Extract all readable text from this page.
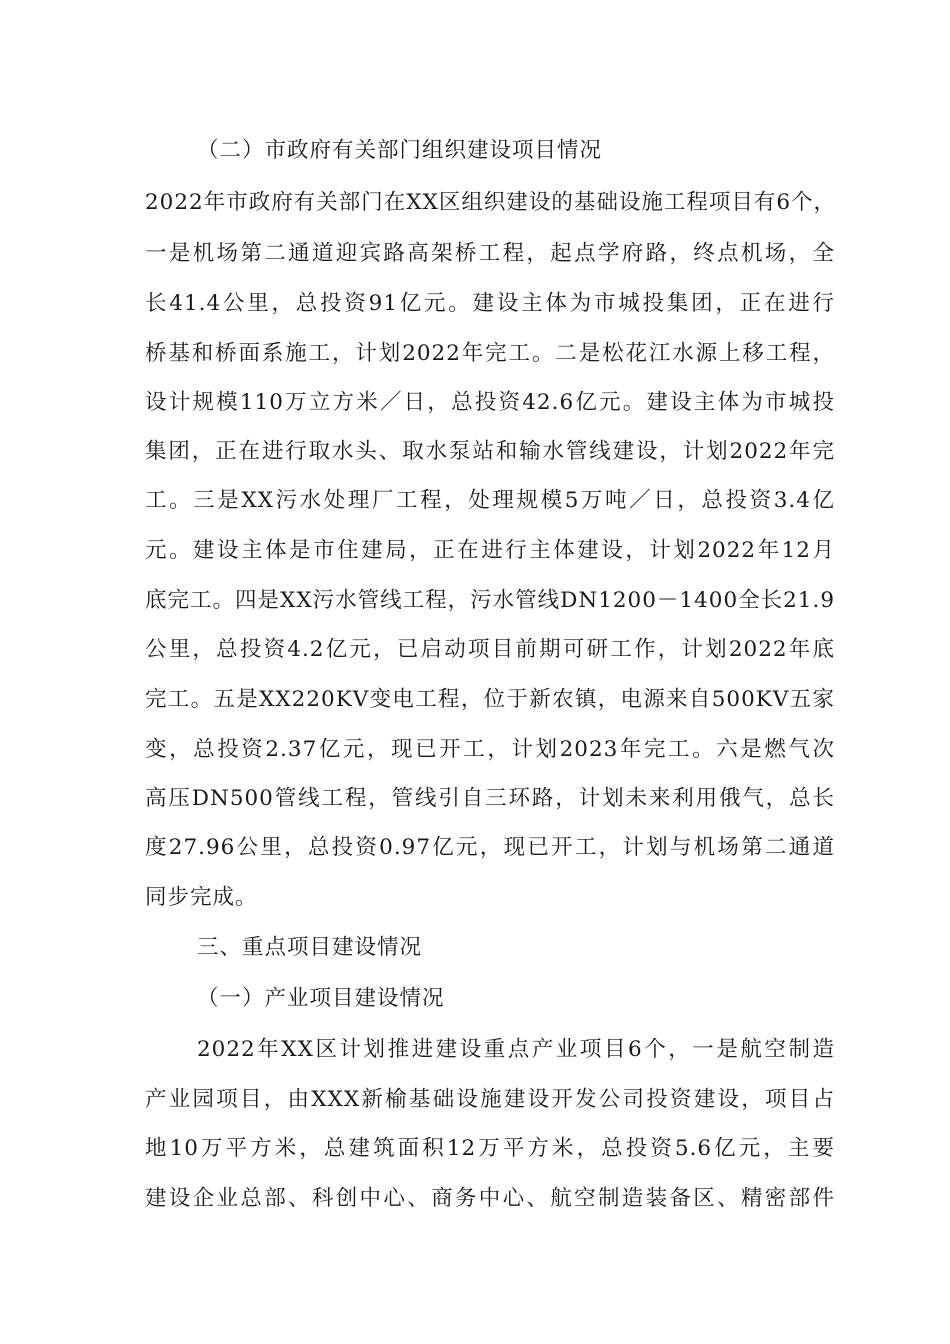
（二）市政府有关部门组织建设项目情况
2022年市政府有关部门在XX区组织建设的基础设施工程项目有6个，
一是机场第二通道迎宾路高架桥工程，起点学府路，终点机场，全
长41.4公里，总投资91亿元。建设主体为市城投集团，正在进行
桥基和桥面系施工，计划2022年完工。二是松花江水源上移工程，
设计规模110万立方米／日，总投资42.6亿元。建设主体为市城投
集团，正在进行取水头、取水泵站和输水管线建设，计划2022年完
工。三是XX污水处理厂工程，处理规模5万吨／日，总投资3.4亿
元。建设主体是市住建局，正在进行主体建设，计划2022年12月
底完工。四是XX污水管线工程，污水管线DN1200－1400全长21.9
公里，总投资4.2亿元，已启动项目前期可研工作，计划2022年底
完工。五是XX220KV变电工程，位于新农镇，电源来自500KV五家
变，总投资2.37亿元，现已开工，计划2023年完工。六是燃气次
高压DN500管线工程，管线引自三环路，计划未来利用俄气，总长
度27.96公里，总投资0.97亿元，现已开工，计划与机场第二通道
同步完成。
三、重点项目建设情况
（一）产业项目建设情况
2022年XX区计划推进建设重点产业项目6个，一是航空制造
产业园项目，由XXX新榆基础设施建设开发公司投资建设，项目占
地10万平方米，总建筑面积12万平方米，总投资5.6亿元，主要
建设企业总部、科创中心、商务中心、航空制造装备区、精密部件
